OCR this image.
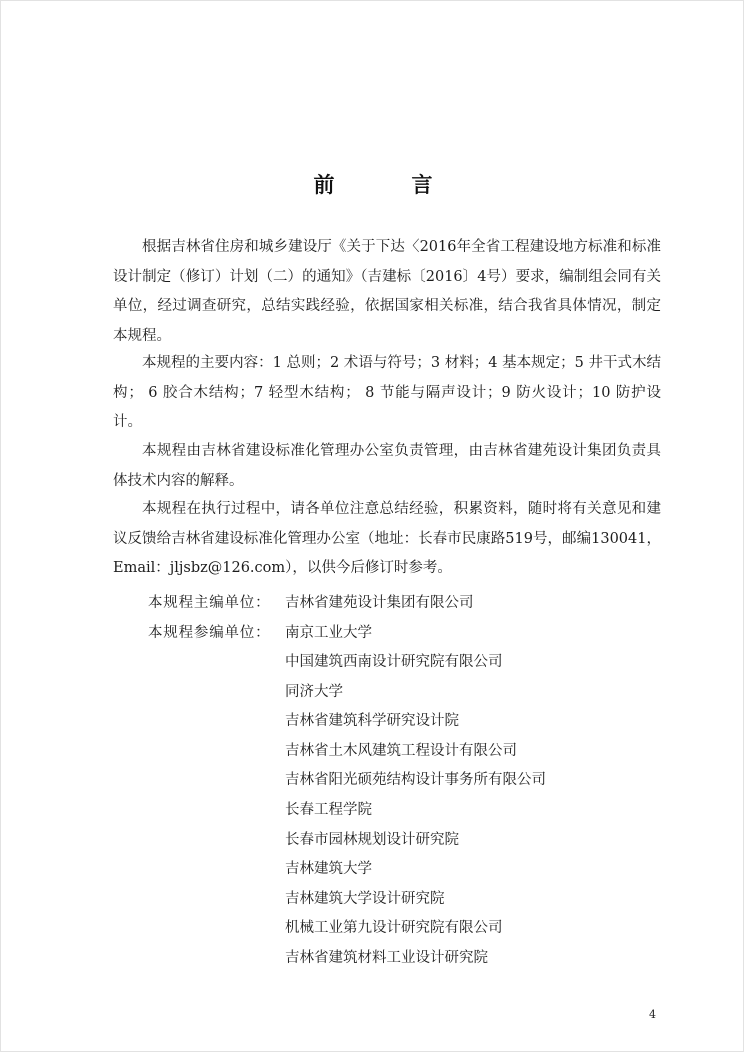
前　言

根据吉林省住房和城乡建设厅《关于下达〈2016年全省工程建设地方标准和标准设计制定（修订）计划（二）的通知》（吉建标〔2016〕4号）要求，编制组会同有关单位，经过调查研究，总结实践经验，依据国家相关标准，结合我省具体情况，制定本规程。

本规程的主要内容：1 总则；2 术语与符号；3 材料；4 基本规定；5 井干式木结构； 6 胶合木结构；7 轻型木结构； 8 节能与隔声设计；9 防火设计；10 防护设计。

本规程由吉林省建设标准化管理办公室负责管理，由吉林省建苑设计集团负责具体技术内容的解释。

本规程在执行过程中，请各单位注意总结经验，积累资料，随时将有关意见和建议反馈给吉林省建设标准化管理办公室（地址：长春市民康路519号，邮编130041，Email：jljsbz@126.com），以供今后修订时参考。

本规程主编单位：	吉林省建苑设计集团有限公司
本规程参编单位：	南京工业大学
中国建筑西南设计研究院有限公司
同济大学
吉林省建筑科学研究设计院
吉林省土木风建筑工程设计有限公司
吉林省阳光硕苑结构设计事务所有限公司
长春工程学院
长春市园林规划设计研究院
吉林建筑大学
吉林建筑大学设计研究院
机械工业第九设计研究院有限公司
吉林省建筑材料工业设计研究院
4
